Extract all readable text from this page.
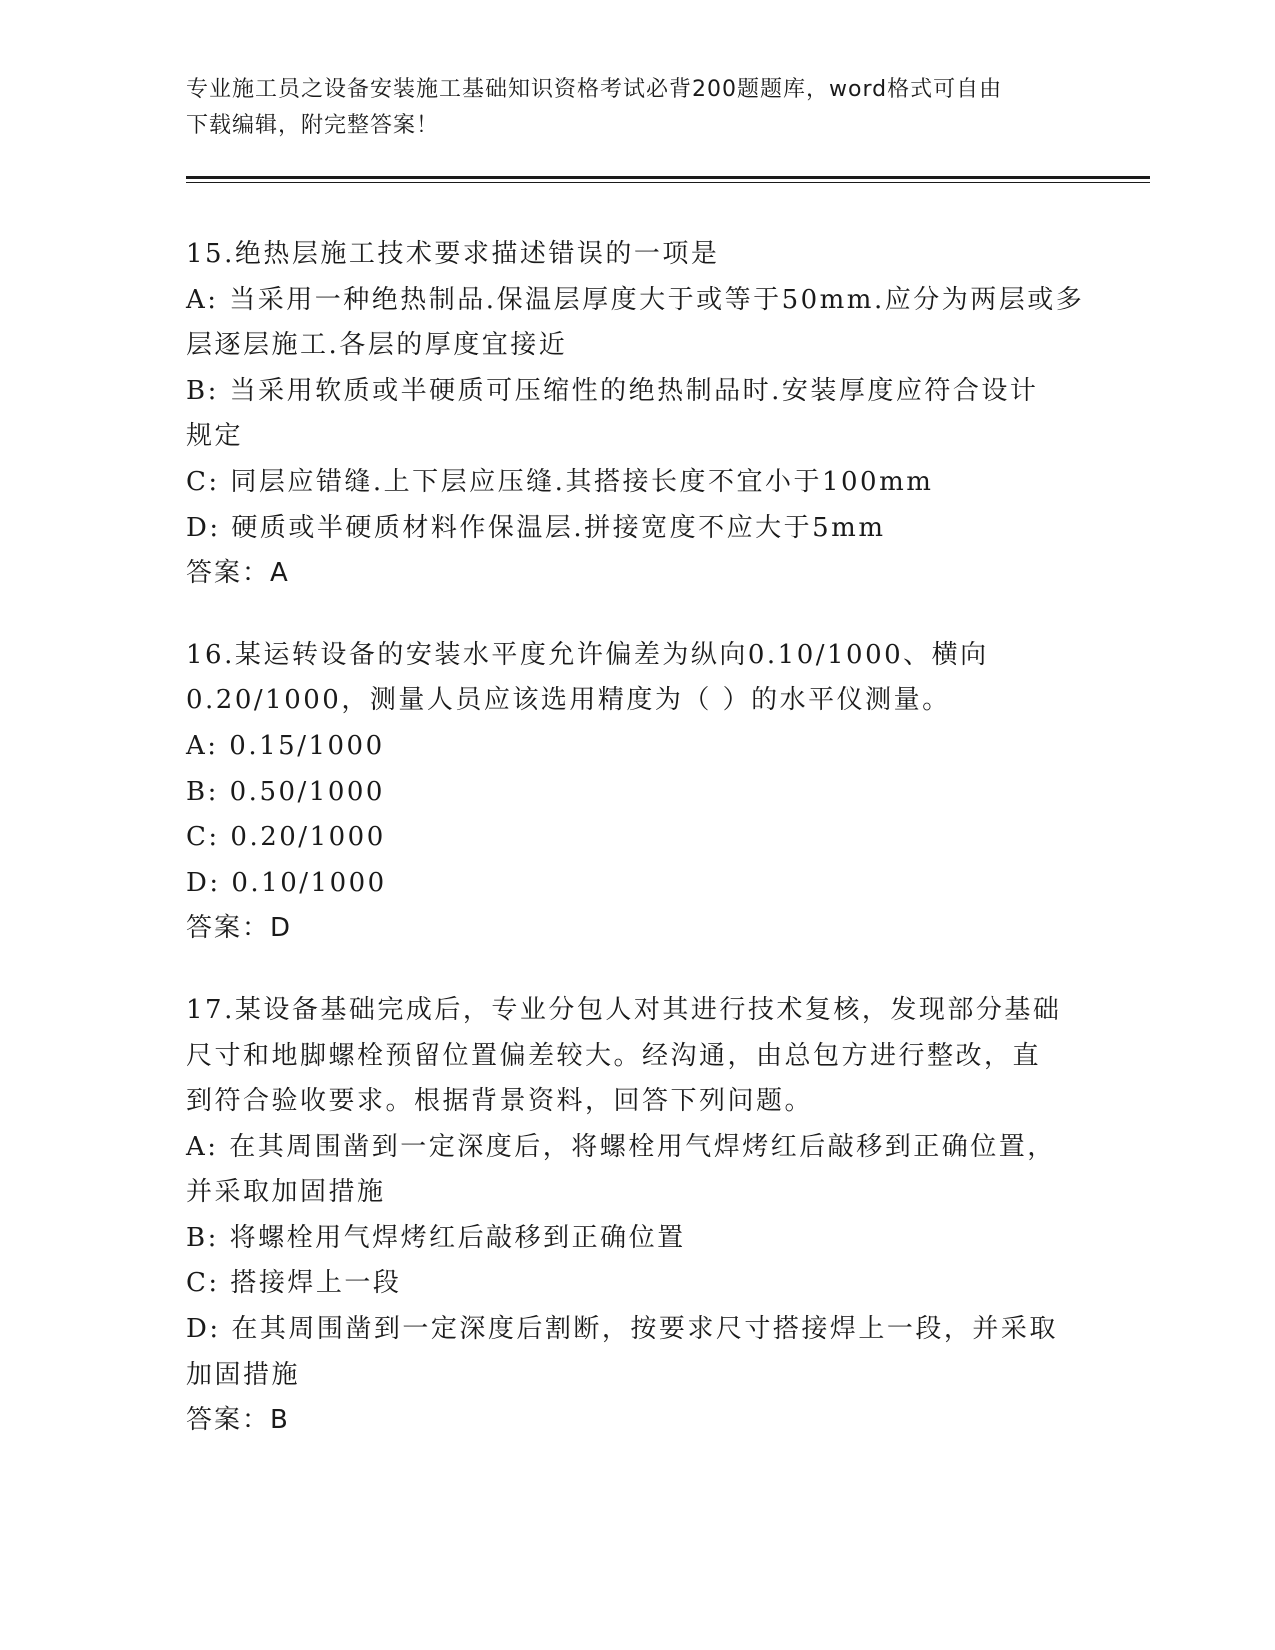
专业施工员之设备安装施工基础知识资格考试必背200题题库，word格式可自由
下载编辑，附完整答案！
15.绝热层施工技术要求描述错误的一项是
A: 当采用一种绝热制品.保温层厚度大于或等于50mm.应分为两层或多
层逐层施工.各层的厚度宜接近
B: 当采用软质或半硬质可压缩性的绝热制品时.安装厚度应符合设计
规定
C: 同层应错缝.上下层应压缝.其搭接长度不宜小于100mm
D: 硬质或半硬质材料作保温层.拼接宽度不应大于5mm
答案：A
16.某运转设备的安装水平度允许偏差为纵向0.10/1000、横向
0.20/1000，测量人员应该选用精度为（ ）的水平仪测量。
A: 0.15/1000
B: 0.50/1000
C: 0.20/1000
D: 0.10/1000
答案：D
17.某设备基础完成后，专业分包人对其进行技术复核，发现部分基础
尺寸和地脚螺栓预留位置偏差较大。经沟通，由总包方进行整改，直
到符合验收要求。根据背景资料，回答下列问题。
A: 在其周围凿到一定深度后，将螺栓用气焊烤红后敲移到正确位置，
并采取加固措施
B: 将螺栓用气焊烤红后敲移到正确位置
C: 搭接焊上一段
D: 在其周围凿到一定深度后割断，按要求尺寸搭接焊上一段，并采取
加固措施
答案：B
